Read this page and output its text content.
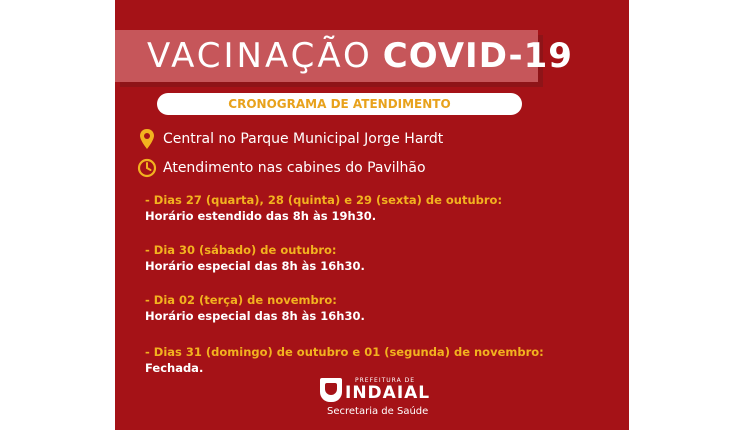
VACINAÇÃO COVID-19
CRONOGRAMA DE ATENDIMENTO
Central no Parque Municipal Jorge Hardt
Atendimento nas cabines do Pavilhão
- Dias 27 (quarta), 28 (quinta) e 29 (sexta) de outubro:
Horário estendido das 8h às 19h30.
- Dia 30 (sábado) de outubro:
Horário especial das 8h às 16h30.
- Dia 02 (terça) de novembro:
Horário especial das 8h às 16h30.
- Dias 31 (domingo) de outubro e 01 (segunda) de novembro:
Fechada.
PREFEITURA DE
INDAIAL
Secretaria de Saúde
